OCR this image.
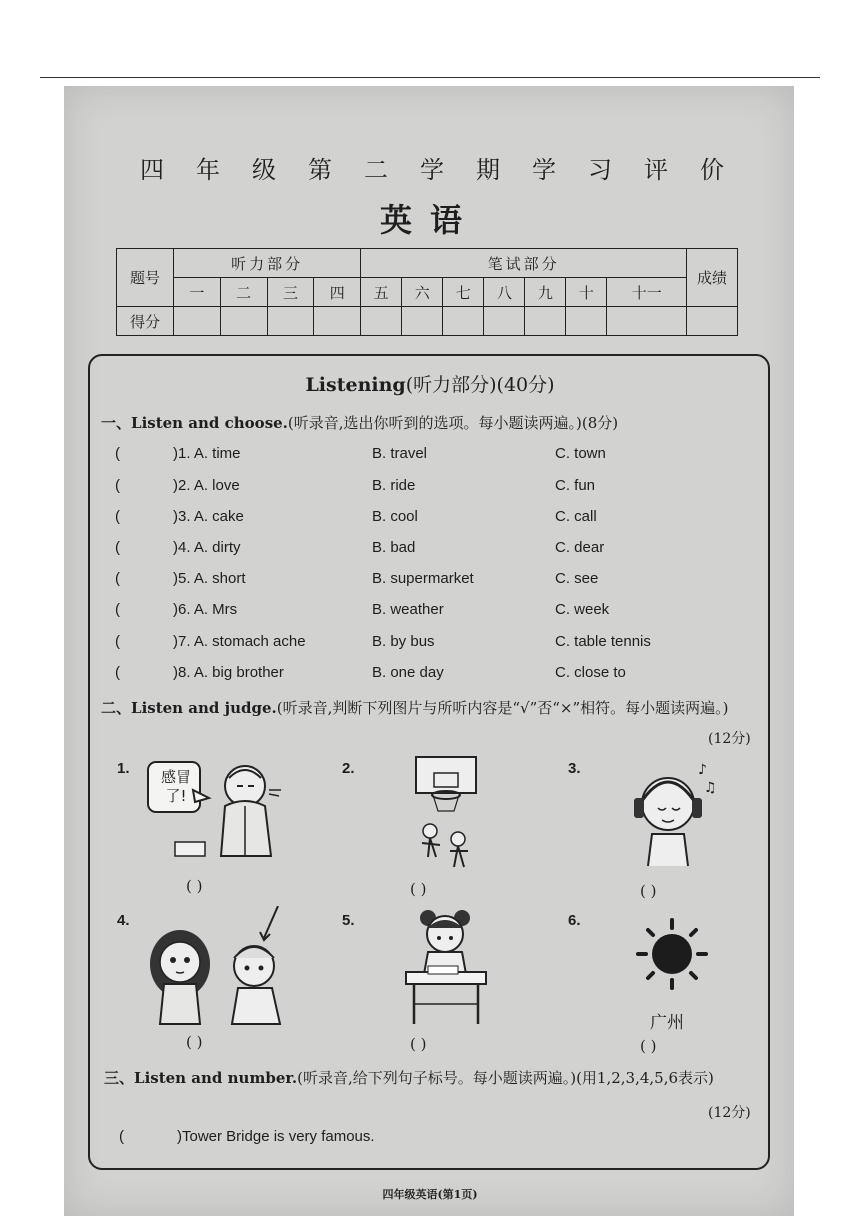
四年级第二学期学习评价
英语
题号	听力部分				笔试部分							成绩
	一	二	三	四	五	六	七	八	九	十	十一	
得分												
Listening(听力部分)(40分)
一、Listen and choose.(听录音,选出你听到的选项。每小题读两遍。)(8分)
(	)1. A. time	B. travel	C. town
(	)2. A. love	B. ride	C. fun
(	)3. A. cake	B. cool	C. call
(	)4. A. dirty	B. bad	C. dear
(	)5. A. short	B. supermarket	C. see
(	)6. A. Mrs	B. weather	C. week
(	)7. A. stomach ache	B. by bus	C. table tennis
(	)8. A. big brother	B. one day	C. close to
二、Listen and judge.(听录音,判断下列图片与所听内容是“√”否“×”相符。每小题读两遍。)
(12分)
1.	2.	3.
4.	5.	6.
感冒了!
♪
♫
广州
( )	( )	( )
( )	( )	( )
三、Listen and number.(听录音,给下列句子标号。每小题读两遍。)(用1,2,3,4,5,6表示)
(12分)
(	)Tower Bridge is very famous.
四年级英语(第1页)
